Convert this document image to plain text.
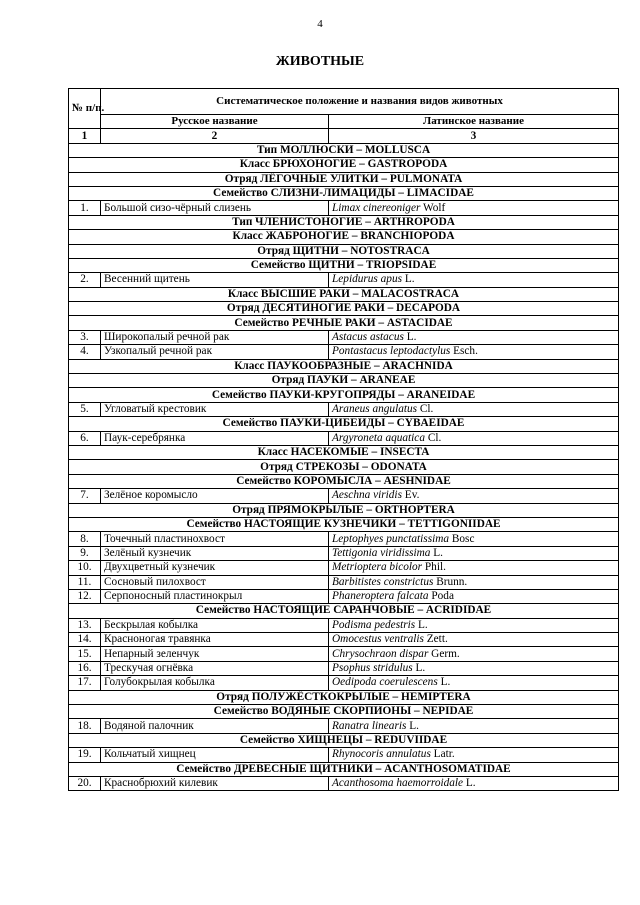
4
ЖИВОТНЫЕ
№ п/п.	Систематическое положение и названия видов животных	
	Русское название	Латинское название
1	2	3
Тип МОЛЛЮСКИ – MOLLUSCA		
Класс БРЮХОНОГИЕ – GASTROPODA		
Отряд ЛЁГОЧНЫЕ УЛИТКИ – PULMONATA		
Семейство СЛИЗНИ-ЛИМАЦИДЫ – LIMACIDAE		
1.	Большой сизо-чёрный слизень	Limax cinereoniger Wolf
Тип ЧЛЕНИСТОНОГИЕ – ARTHROPODA		
Класс ЖАБРОНОГИЕ – BRANCHIOPODA		
Отряд ЩИТНИ – NOTOSTRACA		
Семейство ЩИТНИ – TRIOPSIDAE		
2.	Весенний щитень	Lepidurus apus L.
Класс ВЫСШИЕ РАКИ – MALACOSTRACA		
Отряд ДЕСЯТИНОГИЕ РАКИ – DECAPODA		
Семейство РЕЧНЫЕ РАКИ – ASTACIDAE		
3.	Широкопалый речной рак	Astacus astacus L.
4.	Узкопалый речной рак	Pontastacus leptodactylus Esch.
Класс ПАУКООБРАЗНЫЕ – ARACHNIDA		
Отряд ПАУКИ – ARANEAE		
Семейство ПАУКИ-КРУГОПРЯДЫ – ARANEIDAE		
5.	Угловатый крестовик	Araneus angulatus Cl.
Семейство ПАУКИ-ЦИБЕИДЫ – CYBAEIDAE		
6.	Паук-серебрянка	Argyroneta aquatica Cl.
Класс НАСЕКОМЫЕ – INSECTA		
Отряд СТРЕКОЗЫ – ODONATA		
Семейство КОРОМЫСЛА – AESHNIDAE		
7.	Зелёное коромысло	Aeschna viridis Ev.
Отряд ПРЯМОКРЫЛЫЕ – ORTHOPTERA		
Семейство НАСТОЯЩИЕ КУЗНЕЧИКИ – TETTIGONIIDAE		
8.	Точечный пластинохвост	Leptophyes punctatissima Bosc
9.	Зелёный кузнечик	Tettigonia viridissima L.
10.	Двухцветный кузнечик	Metrioptera bicolor Phil.
11.	Сосновый пилохвост	Barbitistes constrictus Brunn.
12.	Серпоносный пластинокрыл	Phaneroptera falcata Poda
Семейство НАСТОЯЩИЕ САРАНЧОВЫЕ – ACRIDIDAE		
13.	Бескрылая кобылка	Podisma pedestris L.
14.	Красноногая травянка	Omocestus ventralis Zett.
15.	Непарный зеленчук	Chrysochraon dispar Germ.
16.	Трескучая огнёвка	Psophus stridulus L.
17.	Голубокрылая кобылка	Oedipoda coerulescens L.
Отряд ПОЛУЖЁСТКОКРЫЛЫЕ – HEMIPTERA		
Семейство ВОДЯНЫЕ СКОРПИОНЫ – NEPIDAE		
18.	Водяной палочник	Ranatra linearis L.
Семейство ХИЩНЕЦЫ – REDUVIIDAE		
19.	Кольчатый хищнец	Rhynocoris annulatus Latr.
Семейство ДРЕВЕСНЫЕ ЩИТНИКИ – ACANTHOSOMATIDAE		
20.	Краснобрюхий килевик	Acanthosoma haemorroidale L.
